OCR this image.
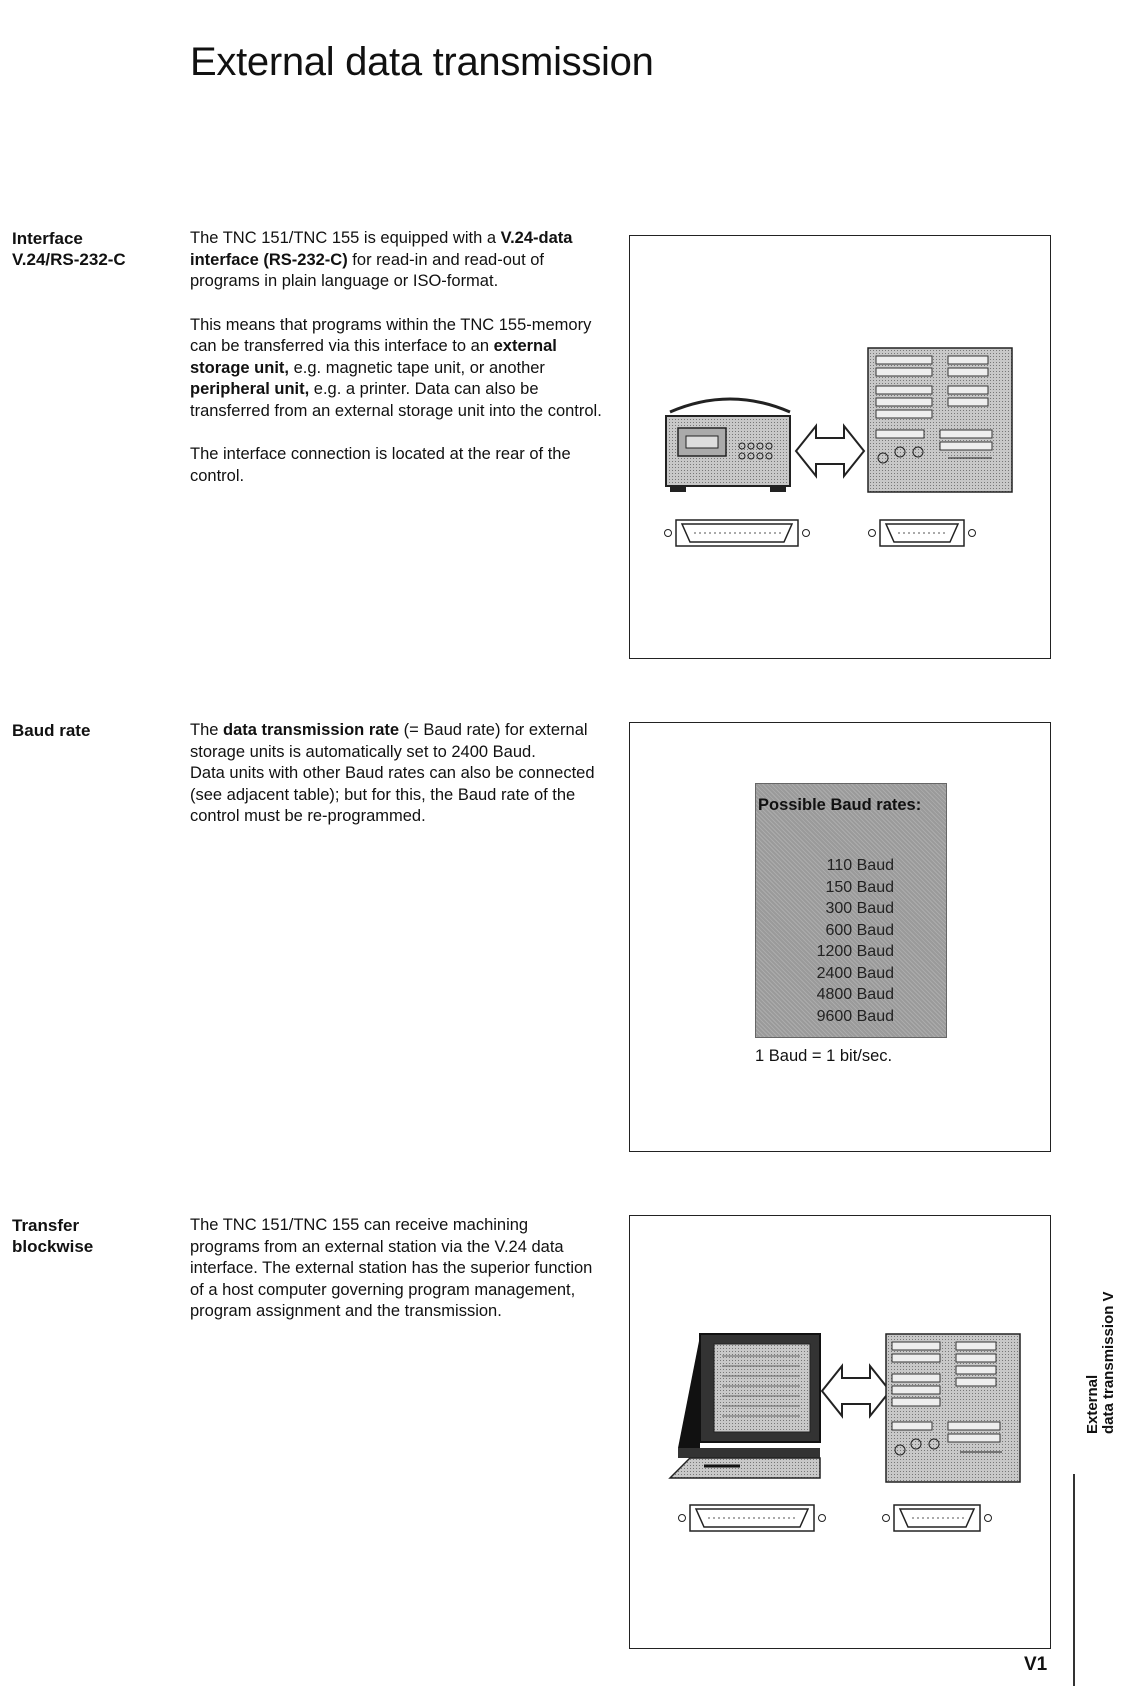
External data transmission
Interface
V.24/RS-232-C

The TNC 151/TNC 155 is equipped with a V.24-data interface (RS-232-C) for read-in and read-out of programs in plain language or ISO-format.

This means that programs within the TNC 155-memory can be transferred via this interface to an external storage unit, e.g. magnetic tape unit, or another peripheral unit, e.g. a printer. Data can also be transferred from an external storage unit into the control.

The interface connection is located at the rear of the control.

Baud rate	The data transmission rate (= Baud rate) for external storage units is automatically set to 2400 Baud.

Data units with other Baud rates can also be connected (see adjacent table); but for this, the Baud rate of the control must be re-programmed.

Possible Baud rates:
110 Baud
150 Baud
300 Baud
600 Baud
1200 Baud
2400 Baud
4800 Baud
9600 Baud
1 Baud = 1 bit/sec.
Transfer
blockwise

The TNC 151/TNC 155 can receive machining programs from an external station via the V.24 data interface. The external station has the superior function of a host computer governing program management, program assignment and the transmission.

External data transmission V
V1
